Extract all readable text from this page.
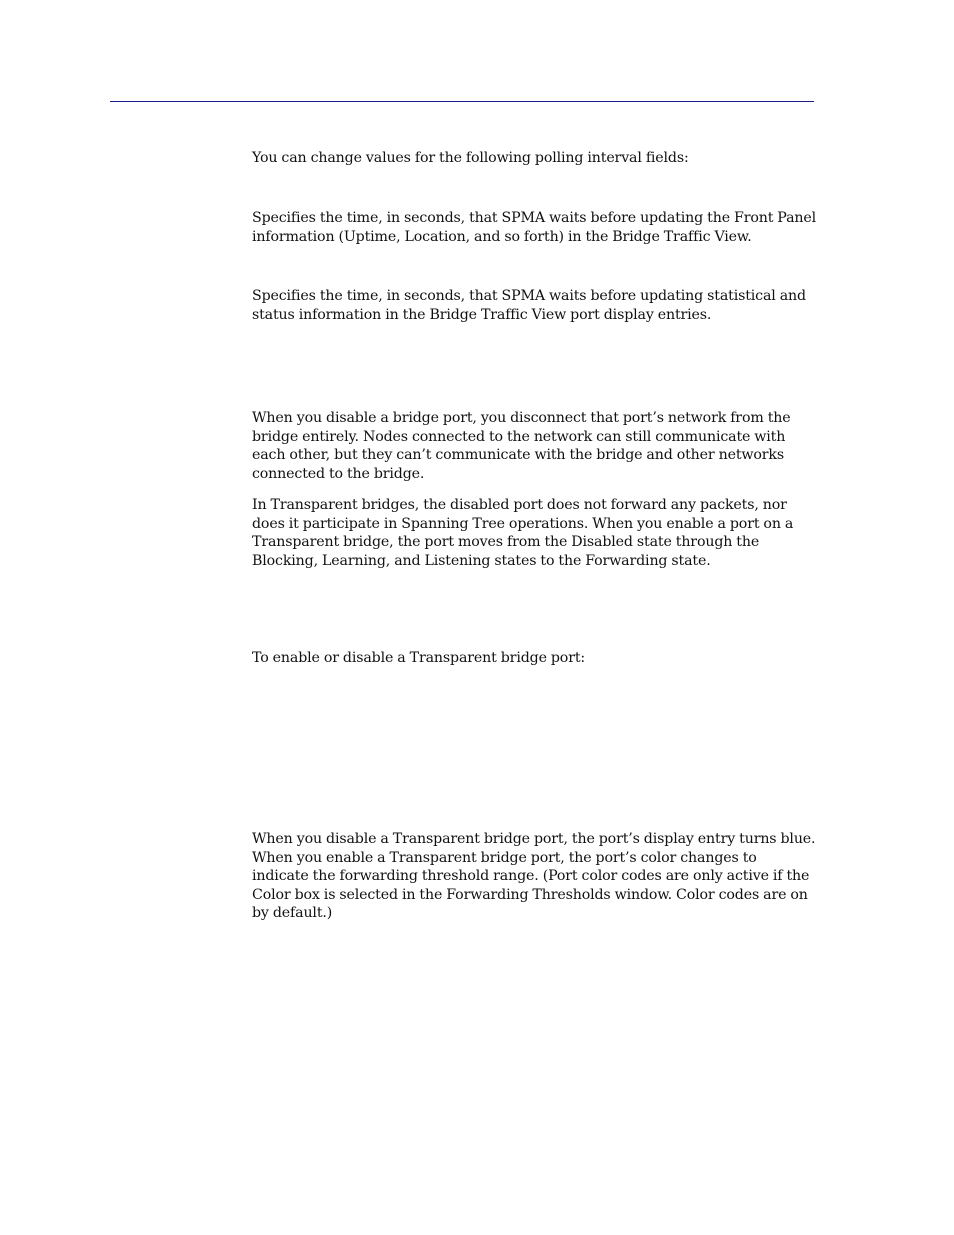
You can change values for the following polling interval fields:

Specifies the time, in seconds, that SPMA waits before updating the Front Panel information (Uptime, Location, and so forth) in the Bridge Traffic View.

Specifies the time, in seconds, that SPMA waits before updating statistical and status information in the Bridge Traffic View port display entries.

When you disable a bridge port, you disconnect that port’s network from the bridge entirely. Nodes connected to the network can still communicate with each other, but they can’t communicate with the bridge and other networks connected to the bridge.

In Transparent bridges, the disabled port does not forward any packets, nor does it participate in Spanning Tree operations. When you enable a port on a Transparent bridge, the port moves from the Disabled state through the Blocking, Learning, and Listening states to the Forwarding state.

To enable or disable a Transparent bridge port:

When you disable a Transparent bridge port, the port’s display entry turns blue. When you enable a Transparent bridge port, the port’s color changes to indicate the forwarding threshold range. (Port color codes are only active if the Color box is selected in the Forwarding Thresholds window. Color codes are on by default.)
